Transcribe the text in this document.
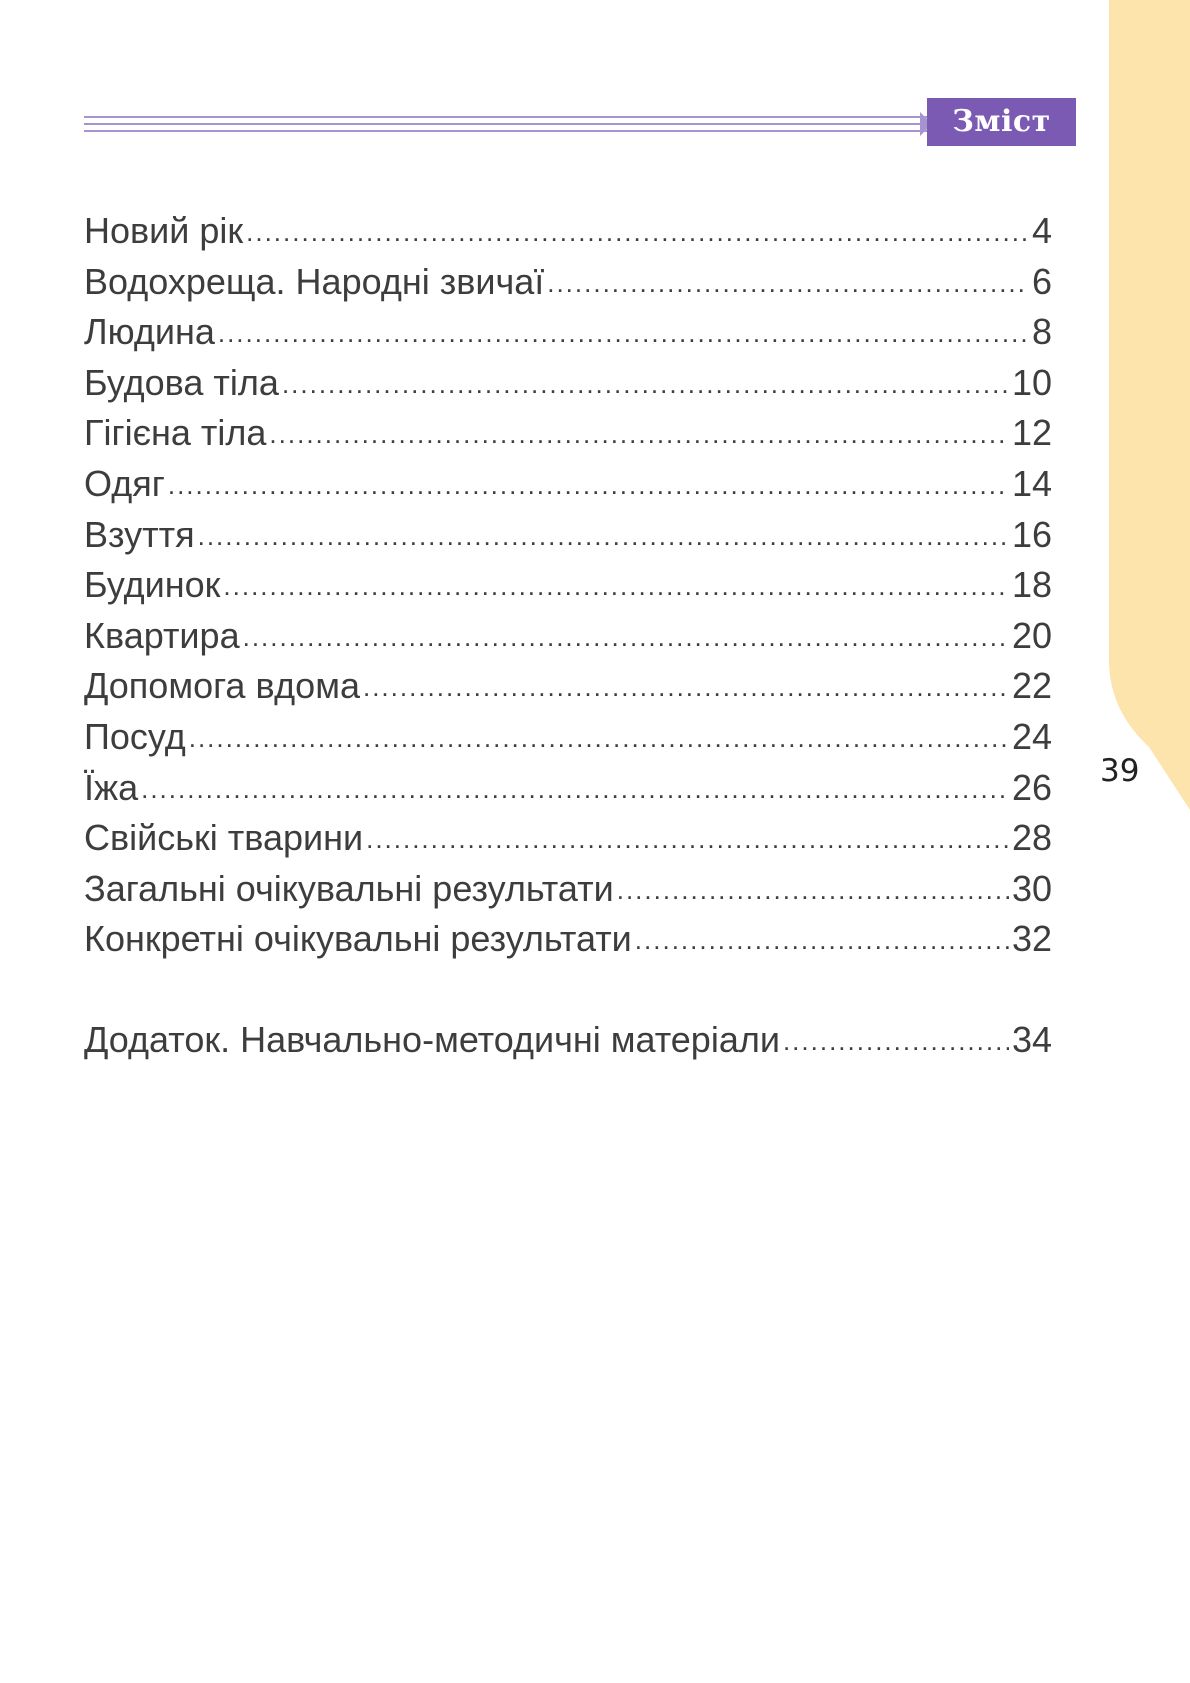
39
Зміст
Новий рік .....	4
Водохреща. Народні звичаї .....	6
Людина .....	8
Будова тіла .....	10
Гігієна тіла .....	12
Одяг .....	14
Взуття .....	16
Будинок .....	18
Квартира .....	20
Допомога вдома .....	22
Посуд .....	24
Їжа .....	26
Свійські тварини .....	28
Загальні очікувальні результати .....	30
Конкретні очікувальні результати .....	32
Додаток. Навчально-методичні матеріали .....	34
